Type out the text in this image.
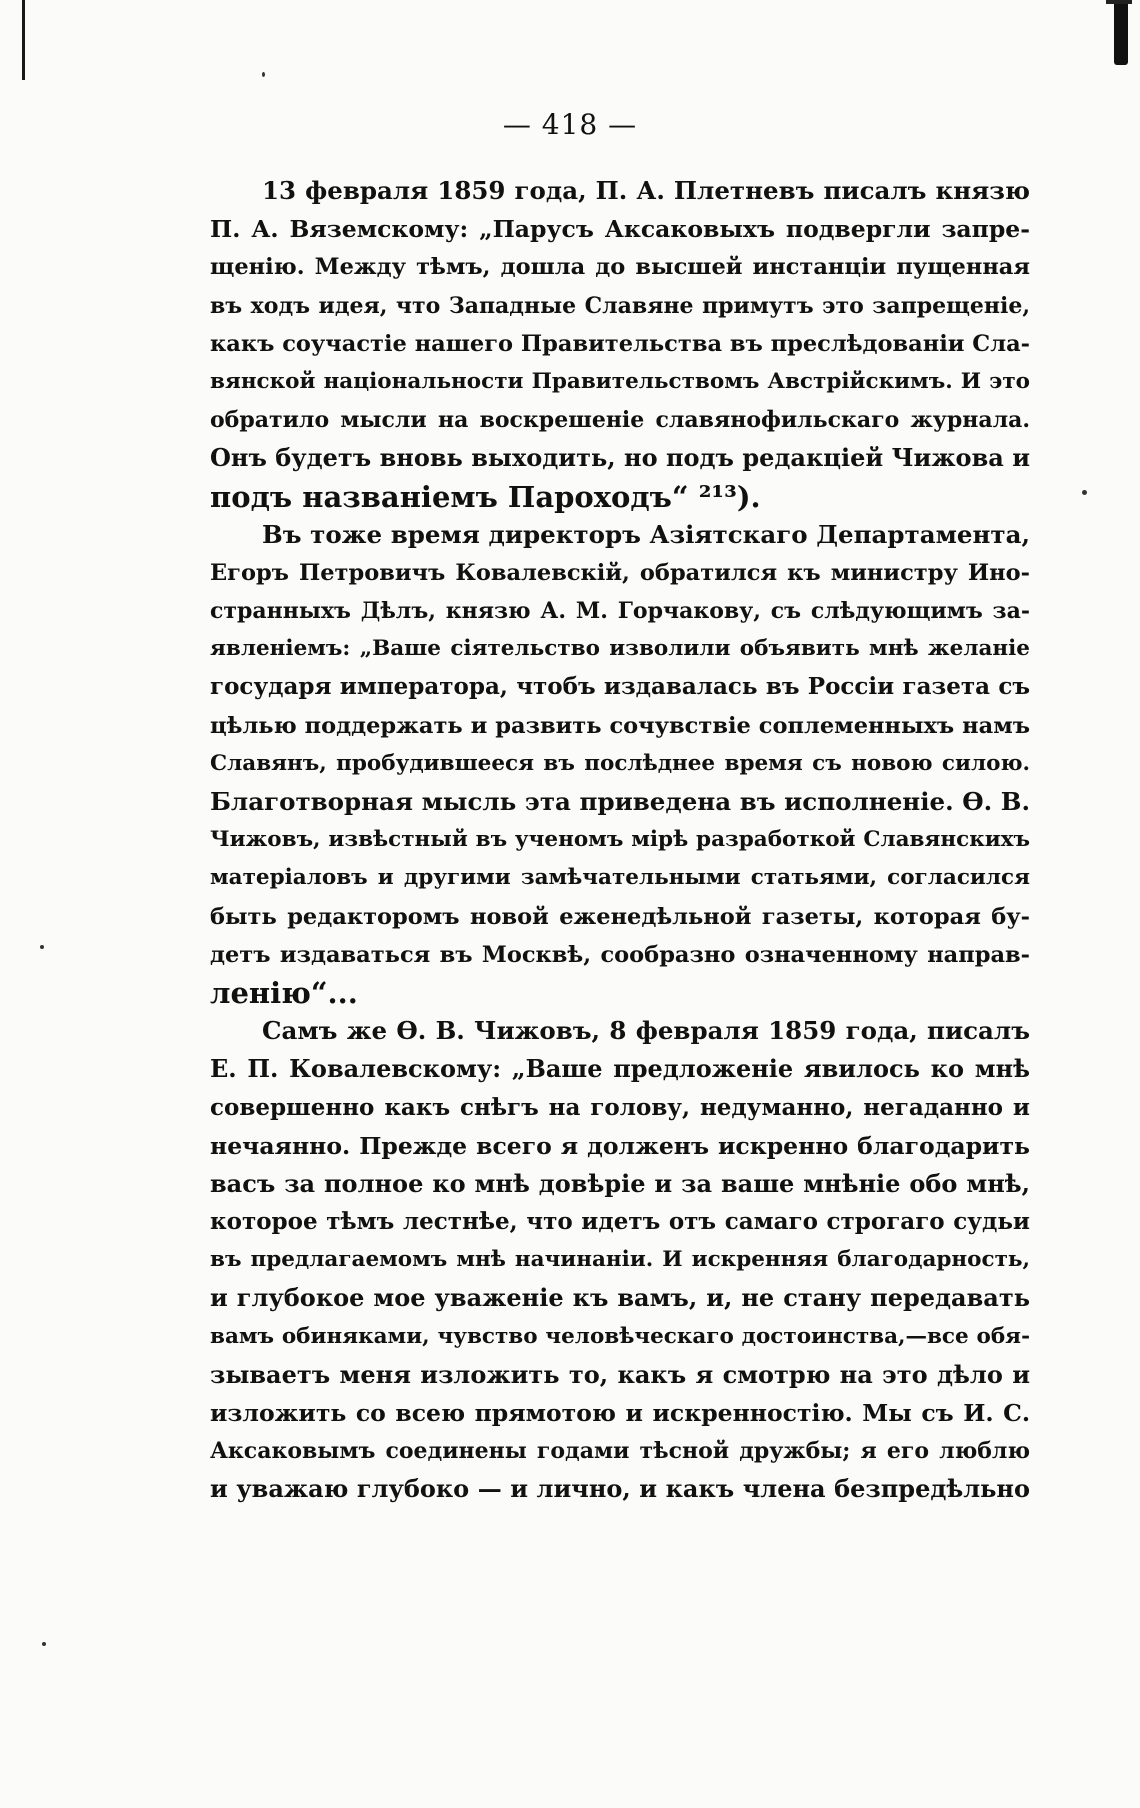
— 418 —
13 февраля 1859 года, П. А. Плетневъ писалъ князю
П. А. Вяземскому: „Парусъ Аксаковыхъ подвергли запре-
щенію. Между тѣмъ, дошла до высшей инстанціи пущенная
въ ходъ идея, что Западные Славяне примутъ это запрещеніе,
какъ соучастіе нашего Правительства въ преслѣдованіи Сла-
вянской національности Правительствомъ Австрійскимъ. И это
обратило мысли на воскрешеніе славянофильскаго журнала.
Онъ будетъ вновь выходить, но подъ редакціей Чижова и
подъ названіемъ Пароходъ“ ²¹³).
Въ тоже время директоръ Азіятскаго Департамента,
Егоръ Петровичъ Ковалевскій, обратился къ министру Ино-
странныхъ Дѣлъ, князю А. М. Горчакову, съ слѣдующимъ за-
явленіемъ: „Ваше сіятельство изволили объявить мнѣ желаніе
государя императора, чтобъ издавалась въ Россіи газета съ
цѣлью поддержать и развить сочувствіе соплеменныхъ намъ
Славянъ, пробудившееся въ послѣднее время съ новою силою.
Благотворная мысль эта приведена въ исполненіе. Ѳ. В.
Чижовъ, извѣстный въ ученомъ мірѣ разработкой Славянскихъ
матеріаловъ и другими замѣчательными статьями, согласился
быть редакторомъ новой еженедѣльной газеты, которая бу-
детъ издаваться въ Москвѣ, сообразно означенному направ-
ленію“...
Самъ же Ѳ. В. Чижовъ, 8 февраля 1859 года, писалъ
Е. П. Ковалевскому: „Ваше предложеніе явилось ко мнѣ
совершенно какъ снѣгъ на голову, недуманно, негаданно и
нечаянно. Прежде всего я долженъ искренно благодарить
васъ за полное ко мнѣ довѣріе и за ваше мнѣніе обо мнѣ,
которое тѣмъ лестнѣе, что идетъ отъ самаго строгаго судьи
въ предлагаемомъ мнѣ начинаніи. И искренняя благодарность,
и глубокое мое уваженіе къ вамъ, и, не стану передавать
вамъ обинякaми, чувство человѣческаго достоинства,—все обя-
зываетъ меня изложить то, какъ я смотрю на это дѣло и
изложить со всею прямотою и искренностію. Мы съ И. С.
Аксаковымъ соединены годами тѣсной дружбы; я его люблю
и уважаю глубоко — и лично, и какъ члена безпредѣльно
